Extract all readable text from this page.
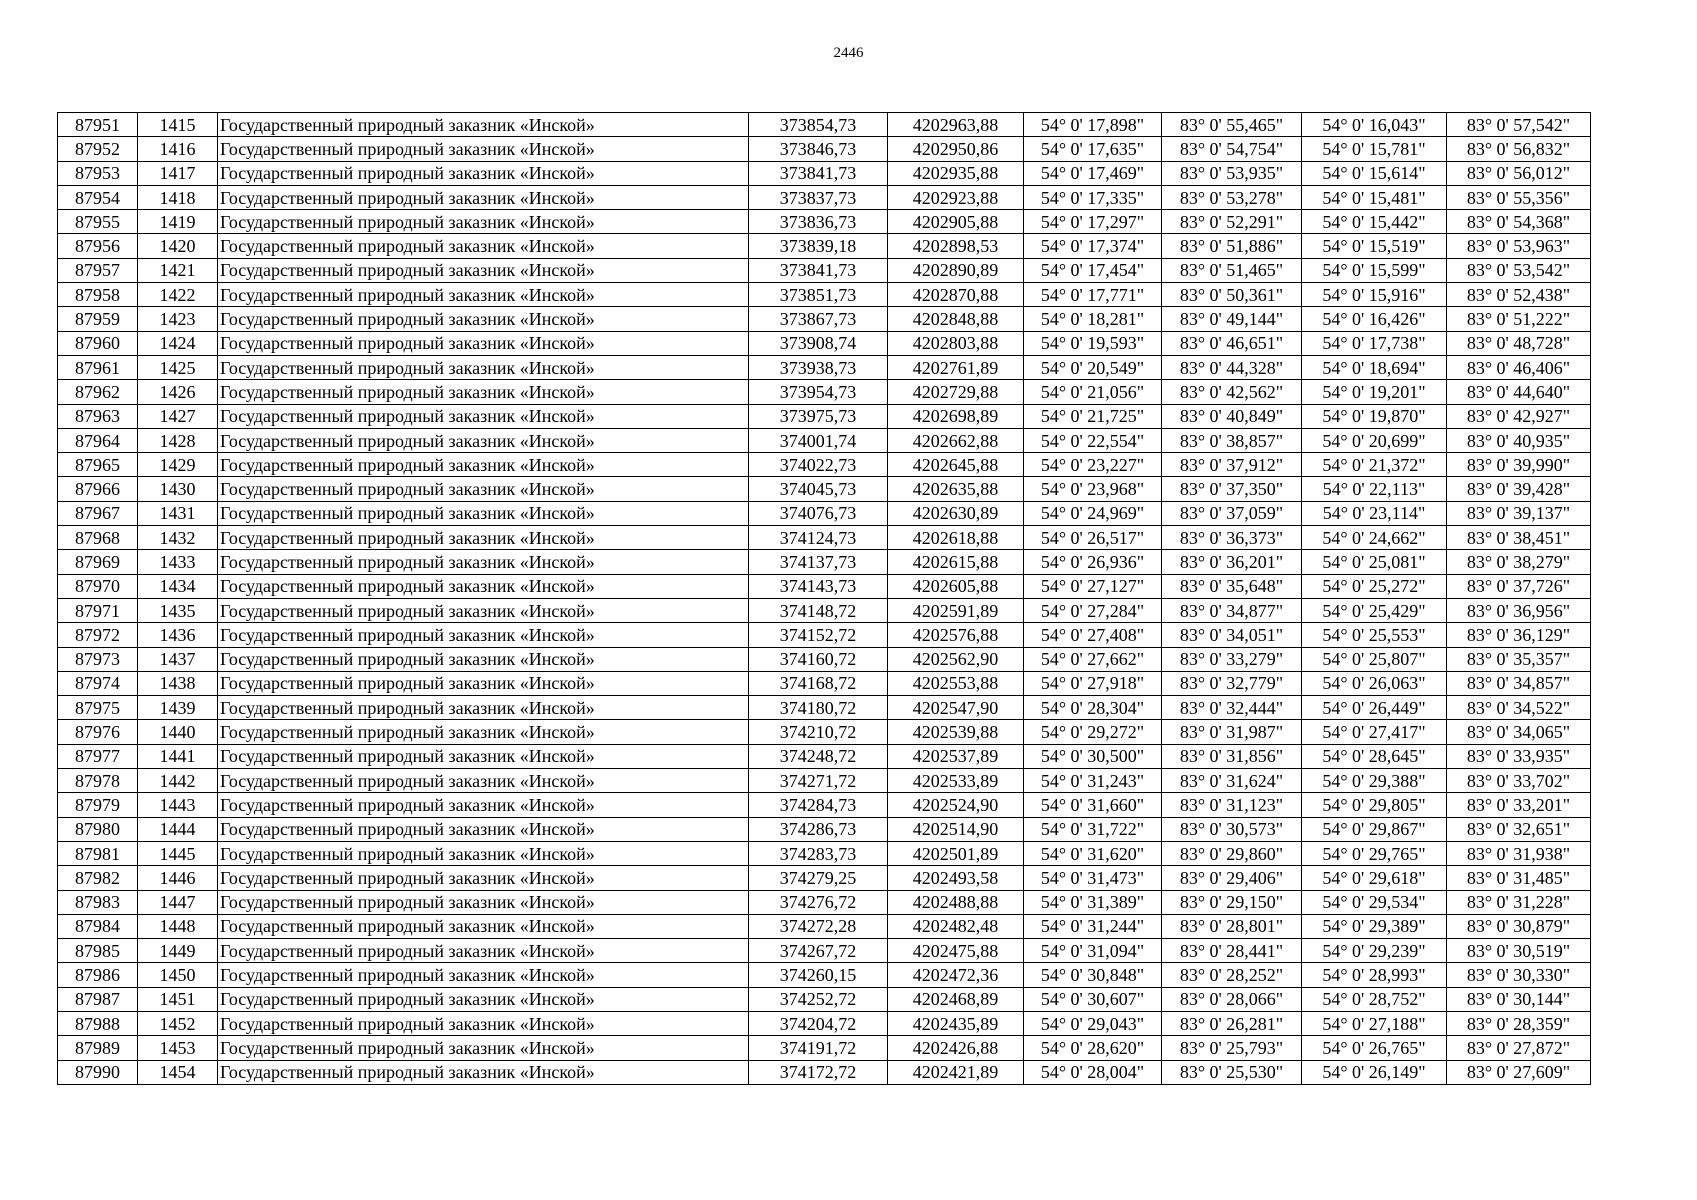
2446
87951	1415	Государственный природный заказник «Инской»	373854,73	4202963,88	54° 0' 17,898"	83° 0' 55,465"	54° 0' 16,043"	83° 0' 57,542"
87952	1416	Государственный природный заказник «Инской»	373846,73	4202950,86	54° 0' 17,635"	83° 0' 54,754"	54° 0' 15,781"	83° 0' 56,832"
87953	1417	Государственный природный заказник «Инской»	373841,73	4202935,88	54° 0' 17,469"	83° 0' 53,935"	54° 0' 15,614"	83° 0' 56,012"
87954	1418	Государственный природный заказник «Инской»	373837,73	4202923,88	54° 0' 17,335"	83° 0' 53,278"	54° 0' 15,481"	83° 0' 55,356"
87955	1419	Государственный природный заказник «Инской»	373836,73	4202905,88	54° 0' 17,297"	83° 0' 52,291"	54° 0' 15,442"	83° 0' 54,368"
87956	1420	Государственный природный заказник «Инской»	373839,18	4202898,53	54° 0' 17,374"	83° 0' 51,886"	54° 0' 15,519"	83° 0' 53,963"
87957	1421	Государственный природный заказник «Инской»	373841,73	4202890,89	54° 0' 17,454"	83° 0' 51,465"	54° 0' 15,599"	83° 0' 53,542"
87958	1422	Государственный природный заказник «Инской»	373851,73	4202870,88	54° 0' 17,771"	83° 0' 50,361"	54° 0' 15,916"	83° 0' 52,438"
87959	1423	Государственный природный заказник «Инской»	373867,73	4202848,88	54° 0' 18,281"	83° 0' 49,144"	54° 0' 16,426"	83° 0' 51,222"
87960	1424	Государственный природный заказник «Инской»	373908,74	4202803,88	54° 0' 19,593"	83° 0' 46,651"	54° 0' 17,738"	83° 0' 48,728"
87961	1425	Государственный природный заказник «Инской»	373938,73	4202761,89	54° 0' 20,549"	83° 0' 44,328"	54° 0' 18,694"	83° 0' 46,406"
87962	1426	Государственный природный заказник «Инской»	373954,73	4202729,88	54° 0' 21,056"	83° 0' 42,562"	54° 0' 19,201"	83° 0' 44,640"
87963	1427	Государственный природный заказник «Инской»	373975,73	4202698,89	54° 0' 21,725"	83° 0' 40,849"	54° 0' 19,870"	83° 0' 42,927"
87964	1428	Государственный природный заказник «Инской»	374001,74	4202662,88	54° 0' 22,554"	83° 0' 38,857"	54° 0' 20,699"	83° 0' 40,935"
87965	1429	Государственный природный заказник «Инской»	374022,73	4202645,88	54° 0' 23,227"	83° 0' 37,912"	54° 0' 21,372"	83° 0' 39,990"
87966	1430	Государственный природный заказник «Инской»	374045,73	4202635,88	54° 0' 23,968"	83° 0' 37,350"	54° 0' 22,113"	83° 0' 39,428"
87967	1431	Государственный природный заказник «Инской»	374076,73	4202630,89	54° 0' 24,969"	83° 0' 37,059"	54° 0' 23,114"	83° 0' 39,137"
87968	1432	Государственный природный заказник «Инской»	374124,73	4202618,88	54° 0' 26,517"	83° 0' 36,373"	54° 0' 24,662"	83° 0' 38,451"
87969	1433	Государственный природный заказник «Инской»	374137,73	4202615,88	54° 0' 26,936"	83° 0' 36,201"	54° 0' 25,081"	83° 0' 38,279"
87970	1434	Государственный природный заказник «Инской»	374143,73	4202605,88	54° 0' 27,127"	83° 0' 35,648"	54° 0' 25,272"	83° 0' 37,726"
87971	1435	Государственный природный заказник «Инской»	374148,72	4202591,89	54° 0' 27,284"	83° 0' 34,877"	54° 0' 25,429"	83° 0' 36,956"
87972	1436	Государственный природный заказник «Инской»	374152,72	4202576,88	54° 0' 27,408"	83° 0' 34,051"	54° 0' 25,553"	83° 0' 36,129"
87973	1437	Государственный природный заказник «Инской»	374160,72	4202562,90	54° 0' 27,662"	83° 0' 33,279"	54° 0' 25,807"	83° 0' 35,357"
87974	1438	Государственный природный заказник «Инской»	374168,72	4202553,88	54° 0' 27,918"	83° 0' 32,779"	54° 0' 26,063"	83° 0' 34,857"
87975	1439	Государственный природный заказник «Инской»	374180,72	4202547,90	54° 0' 28,304"	83° 0' 32,444"	54° 0' 26,449"	83° 0' 34,522"
87976	1440	Государственный природный заказник «Инской»	374210,72	4202539,88	54° 0' 29,272"	83° 0' 31,987"	54° 0' 27,417"	83° 0' 34,065"
87977	1441	Государственный природный заказник «Инской»	374248,72	4202537,89	54° 0' 30,500"	83° 0' 31,856"	54° 0' 28,645"	83° 0' 33,935"
87978	1442	Государственный природный заказник «Инской»	374271,72	4202533,89	54° 0' 31,243"	83° 0' 31,624"	54° 0' 29,388"	83° 0' 33,702"
87979	1443	Государственный природный заказник «Инской»	374284,73	4202524,90	54° 0' 31,660"	83° 0' 31,123"	54° 0' 29,805"	83° 0' 33,201"
87980	1444	Государственный природный заказник «Инской»	374286,73	4202514,90	54° 0' 31,722"	83° 0' 30,573"	54° 0' 29,867"	83° 0' 32,651"
87981	1445	Государственный природный заказник «Инской»	374283,73	4202501,89	54° 0' 31,620"	83° 0' 29,860"	54° 0' 29,765"	83° 0' 31,938"
87982	1446	Государственный природный заказник «Инской»	374279,25	4202493,58	54° 0' 31,473"	83° 0' 29,406"	54° 0' 29,618"	83° 0' 31,485"
87983	1447	Государственный природный заказник «Инской»	374276,72	4202488,88	54° 0' 31,389"	83° 0' 29,150"	54° 0' 29,534"	83° 0' 31,228"
87984	1448	Государственный природный заказник «Инской»	374272,28	4202482,48	54° 0' 31,244"	83° 0' 28,801"	54° 0' 29,389"	83° 0' 30,879"
87985	1449	Государственный природный заказник «Инской»	374267,72	4202475,88	54° 0' 31,094"	83° 0' 28,441"	54° 0' 29,239"	83° 0' 30,519"
87986	1450	Государственный природный заказник «Инской»	374260,15	4202472,36	54° 0' 30,848"	83° 0' 28,252"	54° 0' 28,993"	83° 0' 30,330"
87987	1451	Государственный природный заказник «Инской»	374252,72	4202468,89	54° 0' 30,607"	83° 0' 28,066"	54° 0' 28,752"	83° 0' 30,144"
87988	1452	Государственный природный заказник «Инской»	374204,72	4202435,89	54° 0' 29,043"	83° 0' 26,281"	54° 0' 27,188"	83° 0' 28,359"
87989	1453	Государственный природный заказник «Инской»	374191,72	4202426,88	54° 0' 28,620"	83° 0' 25,793"	54° 0' 26,765"	83° 0' 27,872"
87990	1454	Государственный природный заказник «Инской»	374172,72	4202421,89	54° 0' 28,004"	83° 0' 25,530"	54° 0' 26,149"	83° 0' 27,609"
